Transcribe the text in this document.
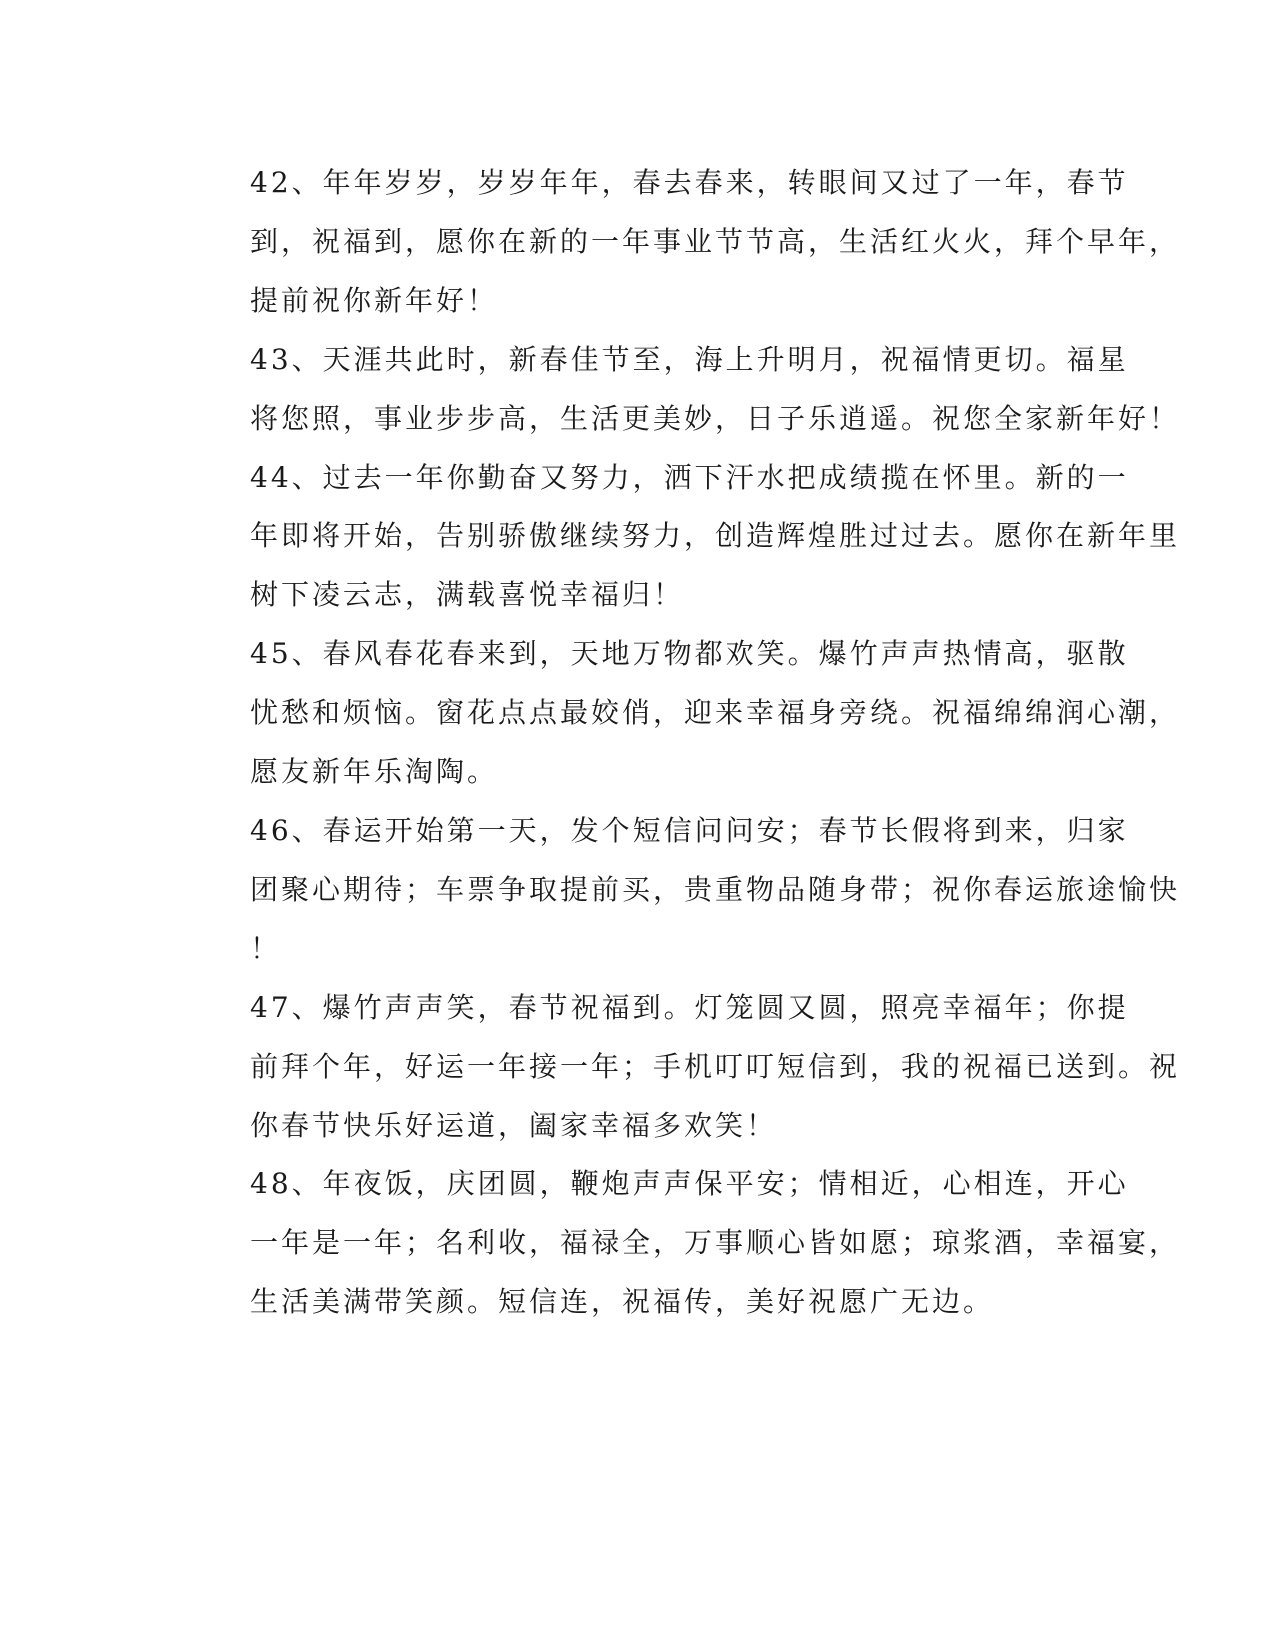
42、年年岁岁，岁岁年年，春去春来，转眼间又过了一年，春节
到，祝福到，愿你在新的一年事业节节高，生活红火火，拜个早年，
提前祝你新年好！

43、天涯共此时，新春佳节至，海上升明月，祝福情更切。福星
将您照，事业步步高，生活更美妙，日子乐逍遥。祝您全家新年好！

44、过去一年你勤奋又努力，洒下汗水把成绩揽在怀里。新的一
年即将开始，告别骄傲继续努力，创造辉煌胜过过去。愿你在新年里
树下凌云志，满载喜悦幸福归！

45、春风春花春来到，天地万物都欢笑。爆竹声声热情高，驱散
忧愁和烦恼。窗花点点最姣俏，迎来幸福身旁绕。祝福绵绵润心潮，
愿友新年乐淘陶。

46、春运开始第一天，发个短信问问安；春节长假将到来，归家
团聚心期待；车票争取提前买，贵重物品随身带；祝你春运旅途愉快
！

47、爆竹声声笑，春节祝福到。灯笼圆又圆，照亮幸福年；你提
前拜个年，好运一年接一年；手机叮叮短信到，我的祝福已送到。祝
你春节快乐好运道，阖家幸福多欢笑！

48、年夜饭，庆团圆，鞭炮声声保平安；情相近，心相连，开心
一年是一年；名利收，福禄全，万事顺心皆如愿；琼浆酒，幸福宴，
生活美满带笑颜。短信连，祝福传，美好祝愿广无边。
